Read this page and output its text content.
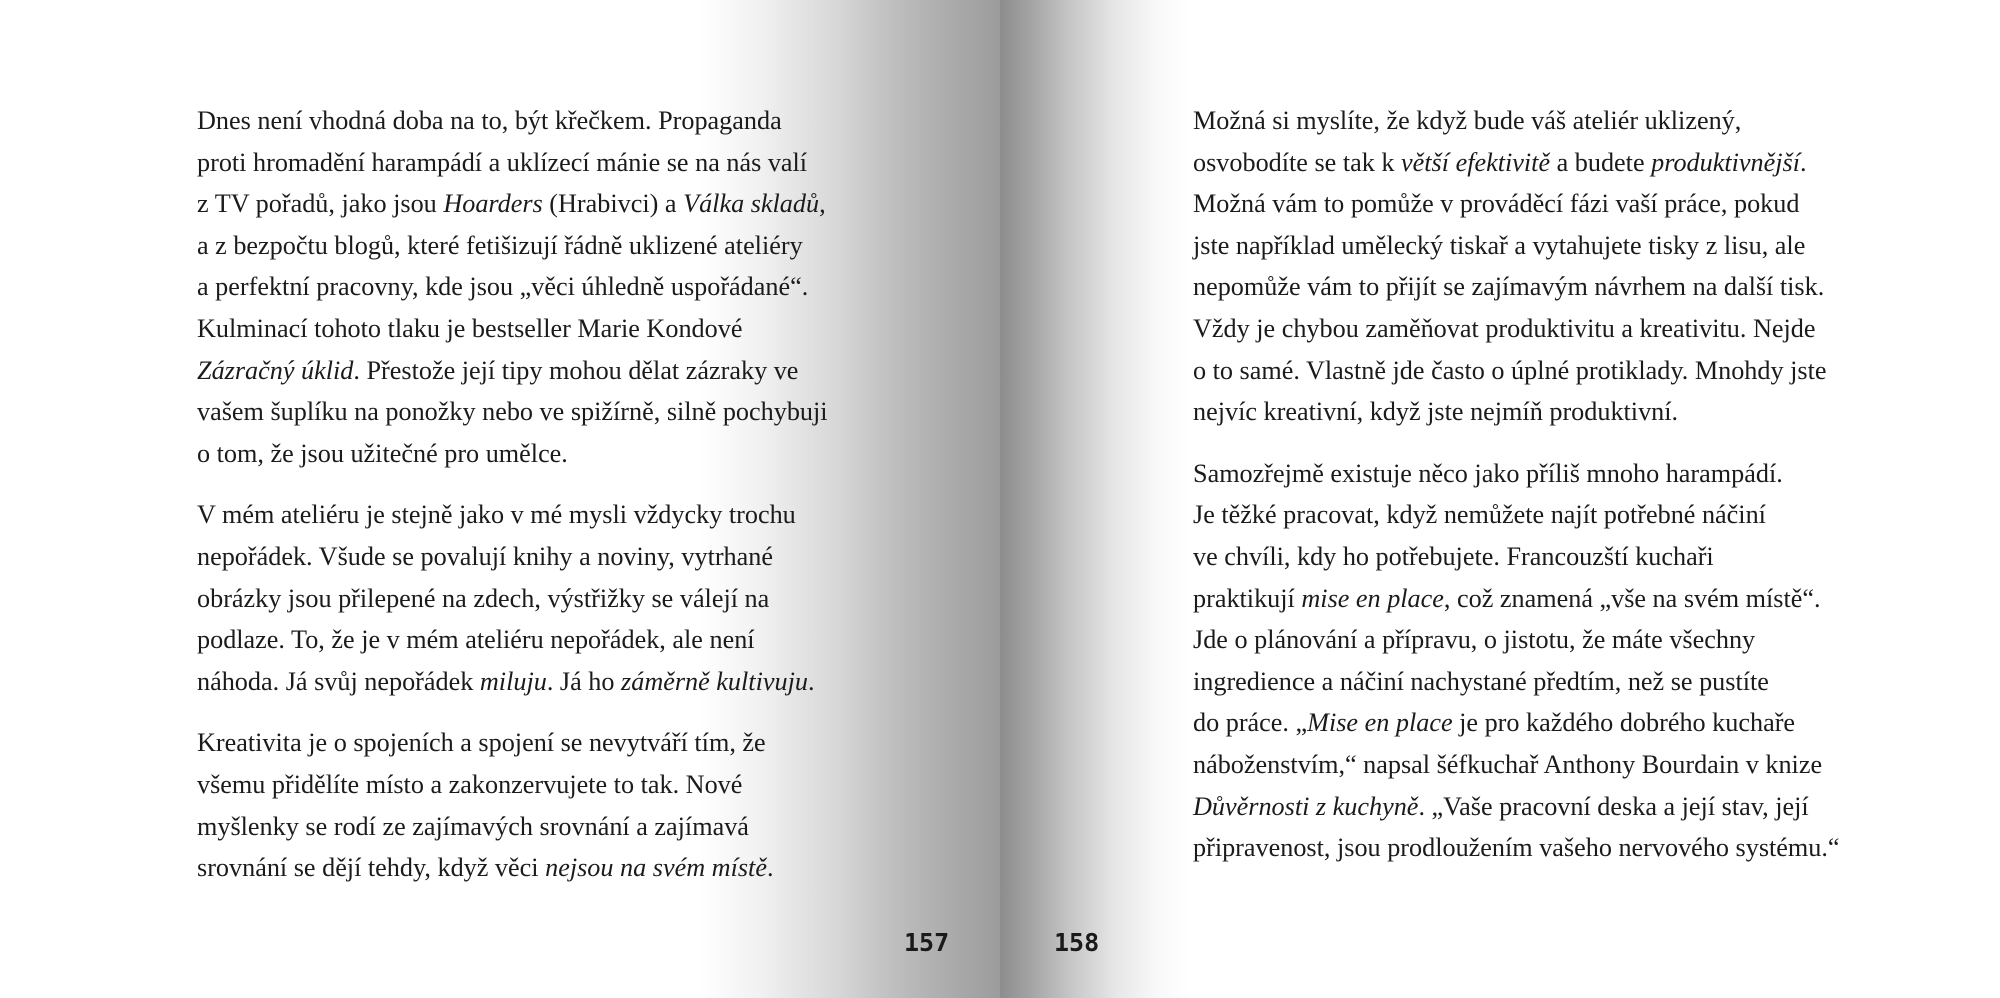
Dnes není vhodná doba na to, být křečkem. Propaganda
proti hromadění harampádí a uklízecí mánie se na nás valí
z TV pořadů, jako jsou Hoarders (Hrabivci) a Válka skladů,
a z bezpočtu blogů, které fetišizují řádně uklizené ateliéry
a perfektní pracovny, kde jsou „věci úhledně uspořádané“.
Kulminací tohoto tlaku je bestseller Marie Kondové
Zázračný úklid. Přestože její tipy mohou dělat zázraky ve
vašem šuplíku na ponožky nebo ve spižírně, silně pochybuji
o tom, že jsou užitečné pro umělce.

V mém ateliéru je stejně jako v mé mysli vždycky trochu
nepořádek. Všude se povalují knihy a noviny, vytrhané
obrázky jsou přilepené na zdech, výstřižky se válejí na
podlaze. To, že je v mém ateliéru nepořádek, ale není
náhoda. Já svůj nepořádek miluju. Já ho záměrně kultivuju.

Kreativita je o spojeních a spojení se nevytváří tím, že
všemu přidělíte místo a zakonzervujete to tak. Nové
myšlenky se rodí ze zajímavých srovnání a zajímavá
srovnání se dějí tehdy, když věci nejsou na svém místě.

157

Možná si myslíte, že když bude váš ateliér uklizený,
osvobodíte se tak k větší efektivitě a budete produktivnější.
Možná vám to pomůže v prováděcí fázi vaší práce, pokud
jste například umělecký tiskař a vytahujete tisky z lisu, ale
nepomůže vám to přijít se zajímavým návrhem na další tisk.
Vždy je chybou zaměňovat produktivitu a kreativitu. Nejde
o to samé. Vlastně jde často o úplné protiklady. Mnohdy jste
nejvíc kreativní, když jste nejmíň produktivní.

Samozřejmě existuje něco jako příliš mnoho harampádí.
Je těžké pracovat, když nemůžete najít potřebné náčiní
ve chvíli, kdy ho potřebujete. Francouzští kuchaři
praktikují mise en place, což znamená „vše na svém místě“.
Jde o plánování a přípravu, o jistotu, že máte všechny
ingredience a náčiní nachystané předtím, než se pustíte
do práce. „Mise en place je pro každého dobrého kuchaře
náboženstvím,“ napsal šéfkuchař Anthony Bourdain v knize
Důvěrnosti z kuchyně. „Vaše pracovní deska a její stav, její
připravenost, jsou prodloužením vašeho nervového systému.“

158
